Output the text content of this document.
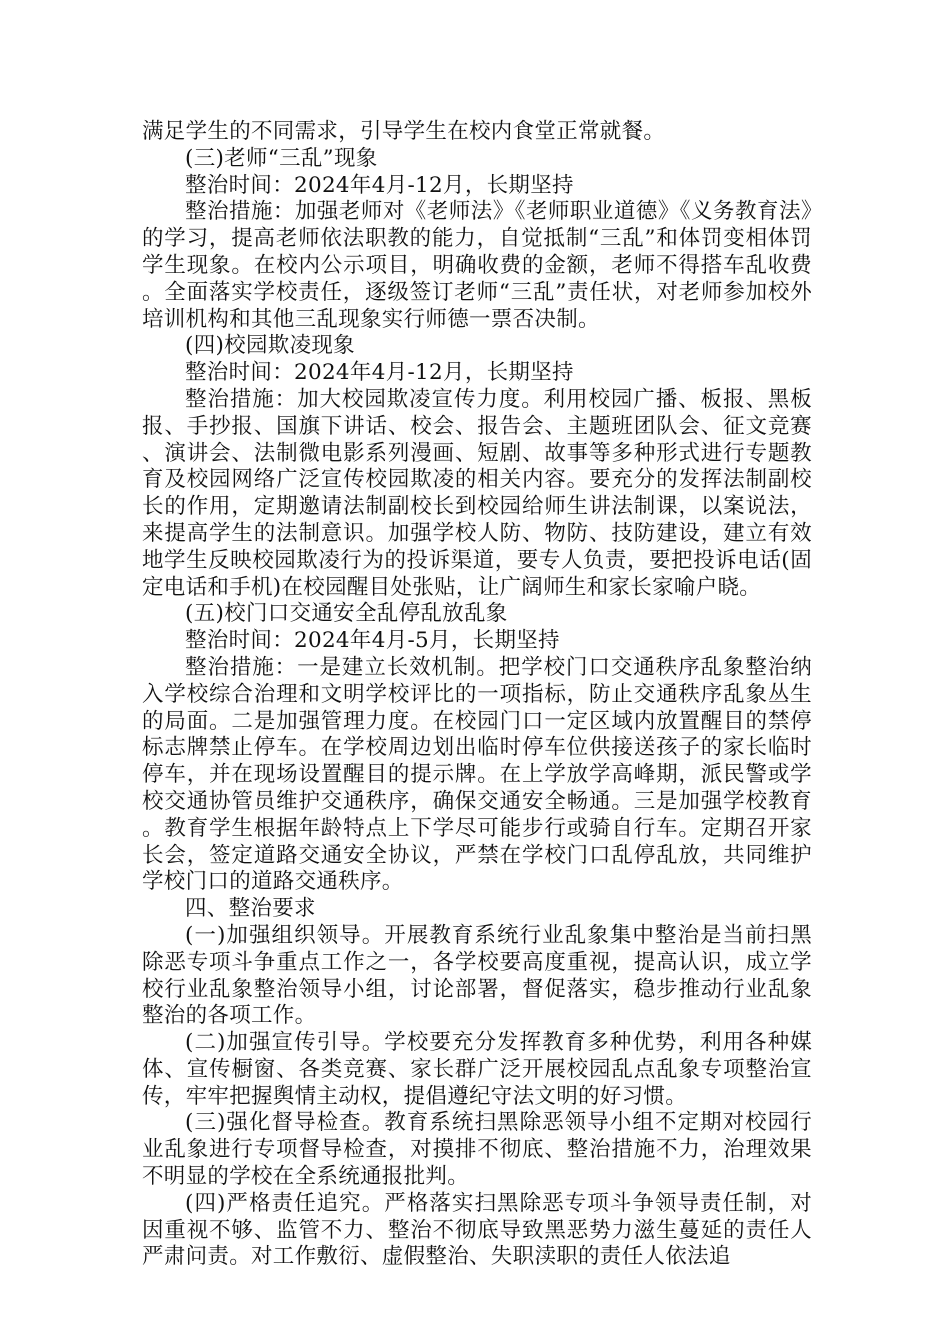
满足学生的不同需求，引导学生在校内食堂正常就餐。

(三)老师“三乱”现象

整治时间：2024年4月-12月，长期坚持

整治措施：加强老师对《老师法》《老师职业道德》《义务教育法》的学习，提高老师依法职教的能力，自觉抵制“三乱”和体罚变相体罚学生现象。在校内公示项目，明确收费的金额，老师不得搭车乱收费。全面落实学校责任，逐级签订老师“三乱”责任状，对老师参加校外培训机构和其他三乱现象实行师德一票否决制。

(四)校园欺凌现象

整治时间：2024年4月-12月，长期坚持

整治措施：加大校园欺凌宣传力度。利用校园广播、板报、黑板报、手抄报、国旗下讲话、校会、报告会、主题班团队会、征文竞赛、演讲会、法制微电影系列漫画、短剧、故事等多种形式进行专题教育及校园网络广泛宣传校园欺凌的相关内容。要充分的发挥法制副校长的作用，定期邀请法制副校长到校园给师生讲法制课，以案说法，来提高学生的法制意识。加强学校人防、物防、技防建设，建立有效地学生反映校园欺凌行为的投诉渠道，要专人负责，要把投诉电话(固定电话和手机)在校园醒目处张贴，让广阔师生和家长家喻户晓。

(五)校门口交通安全乱停乱放乱象

整治时间：2024年4月-5月，长期坚持

整治措施：一是建立长效机制。把学校门口交通秩序乱象整治纳入学校综合治理和文明学校评比的一项指标，防止交通秩序乱象丛生的局面。二是加强管理力度。在校园门口一定区域内放置醒目的禁停标志牌禁止停车。在学校周边划出临时停车位供接送孩子的家长临时停车，并在现场设置醒目的提示牌。在上学放学高峰期，派民警或学校交通协管员维护交通秩序，确保交通安全畅通。三是加强学校教育。教育学生根据年龄特点上下学尽可能步行或骑自行车。定期召开家长会，签定道路交通安全协议，严禁在学校门口乱停乱放，共同维护学校门口的道路交通秩序。

四、整治要求

(一)加强组织领导。开展教育系统行业乱象集中整治是当前扫黑除恶专项斗争重点工作之一，各学校要高度重视，提高认识，成立学校行业乱象整治领导小组，讨论部署，督促落实，稳步推动行业乱象整治的各项工作。

(二)加强宣传引导。学校要充分发挥教育多种优势，利用各种媒体、宣传橱窗、各类竞赛、家长群广泛开展校园乱点乱象专项整治宣传，牢牢把握舆情主动权，提倡遵纪守法文明的好习惯。

(三)强化督导检查。教育系统扫黑除恶领导小组不定期对校园行业乱象进行专项督导检查，对摸排不彻底、整治措施不力，治理效果不明显的学校在全系统通报批判。

(四)严格责任追究。严格落实扫黑除恶专项斗争领导责任制，对因重视不够、监管不力、整治不彻底导致黑恶势力滋生蔓延的责任人严肃问责。对工作敷衍、虚假整治、失职渎职的责任人依法追
